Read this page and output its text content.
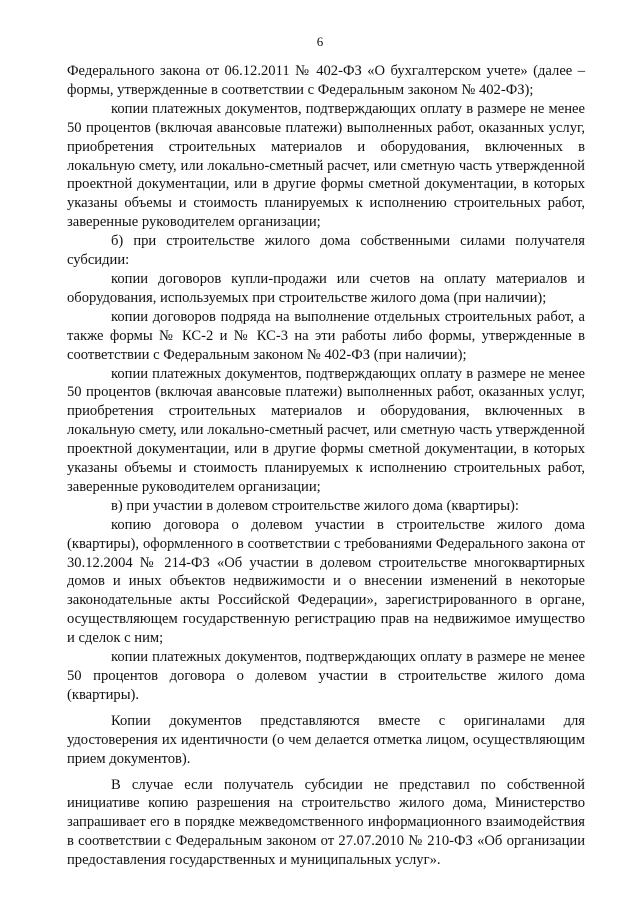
6

Федерального закона от 06.12.2011 № 402-ФЗ «О бухгалтерском учете» (далее – формы, утвержденные в соответствии с Федеральным законом № 402-ФЗ);

копии платежных документов, подтверждающих оплату в размере не менее 50 процентов (включая авансовые платежи) выполненных работ, оказанных услуг, приобретения строительных материалов и оборудования, включенных в локальную смету, или локально-сметный расчет, или сметную часть утвержденной проектной документации, или в другие формы сметной документации, в которых указаны объемы и стоимость планируемых к исполнению строительных работ, заверенные руководителем организации;

б) при строительстве жилого дома собственными силами получателя субсидии:

копии договоров купли-продажи или счетов на оплату материалов и оборудования, используемых при строительстве жилого дома (при наличии);

копии договоров подряда на выполнение отдельных строительных работ, а также формы № КС-2 и № КС-3 на эти работы либо формы, утвержденные в соответствии с Федеральным законом № 402-ФЗ (при наличии);

копии платежных документов, подтверждающих оплату в размере не менее 50 процентов (включая авансовые платежи) выполненных работ, оказанных услуг, приобретения строительных материалов и оборудования, включенных в локальную смету, или локально-сметный расчет, или сметную часть утвержденной проектной документации, или в другие формы сметной документации, в которых указаны объемы и стоимость планируемых к исполнению строительных работ, заверенные руководителем организации;

в) при участии в долевом строительстве жилого дома (квартиры):

копию договора о долевом участии в строительстве жилого дома (квартиры), оформленного в соответствии с требованиями Федерального закона от 30.12.2004 № 214-ФЗ «Об участии в долевом строительстве многоквартирных домов и иных объектов недвижимости и о внесении изменений в некоторые законодательные акты Российской Федерации», зарегистрированного в органе, осуществляющем государственную регистрацию прав на недвижимое имущество и сделок с ним;

копии платежных документов, подтверждающих оплату в размере не менее 50 процентов договора о долевом участии в строительстве жилого дома (квартиры).

Копии документов представляются вместе с оригиналами для удостоверения их идентичности (о чем делается отметка лицом, осуществляющим прием документов).

В случае если получатель субсидии не представил по собственной инициативе копию разрешения на строительство жилого дома, Министерство запрашивает его в порядке межведомственного информационного взаимодействия в соответствии с Федеральным законом от 27.07.2010 № 210-ФЗ «Об организации предоставления государственных и муниципальных услуг».
